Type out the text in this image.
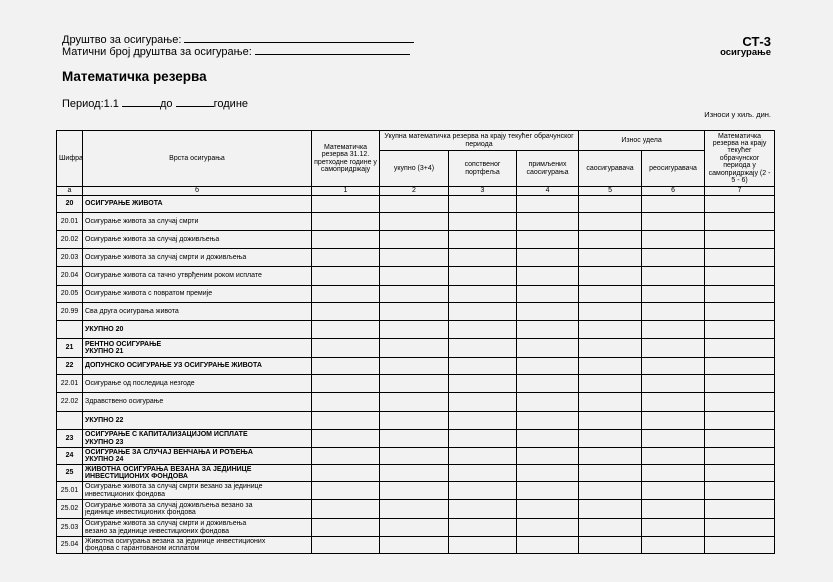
Друштво за осигурање:
Матични број друштва за осигурање:
СТ-3
осигурање
Математичка резерва
Период:1.1	до	године
Износи у хиљ. дин.
Шифра	Врста осигурања	Математичка резерва 31.12. претходне године у самопридржају	Укупна математичка резерва на крају текућег обрачунског периода			Износ удела		Математичка резерва на крају текућег обрачунског периода у самопридржају (2 - 5 - 6)
			укупно (3+4)	сопственог портфеља	примљених саосигурања	саосигуравача	реосигуравача	
а	б	1	2	3	4	5	6	7
20	ОСИГУРАЊЕ ЖИВОТА							

20.01	Осигурање живота за случај смрти							

20.02	Осигурање живота за случај доживљења							

20.03	Осигурање живота за случај смрти и доживљења							

20.04	Осигурање живота са тачно утврђеним роком исплате							

20.05	Осигурање живота с повратом премије							

20.99	Сва друга осигурања живота							

	УКУПНО 20							

21	РЕНТНО ОСИГУРАЊЕ
УКУПНО 21							

22	ДОПУНСКО ОСИГУРАЊЕ УЗ ОСИГУРАЊЕ ЖИВОТА							

22.01	Осигурање од последица незгоде							

22.02	Здравствено осигурање							

	УКУПНО 22							

23	ОСИГУРАЊЕ С КАПИТАЛИЗАЦИЈОМ ИСПЛАТЕ
УКУПНО 23							

24	ОСИГУРАЊЕ ЗА СЛУЧАЈ ВЕНЧАЊА И РОЂЕЊА
УКУПНО 24							

25	ЖИВОТНА ОСИГУРАЊА ВЕЗАНА ЗА ЈЕДИНИЦЕ
ИНВЕСТИЦИОНИХ ФОНДОВА							

25.01	Осигурање живота за случај смрти везано за јединице
инвестиционих фондова							

25.02	Осигурање живота за случај доживљења везано за
јединице инвестиционих фондова							

25.03	Осигурање живота за случај смрти и доживљења
везано за јединице инвестиционих фондова							

25.04	Животна осигурања везана за јединице инвестиционих
фондова с гарантованом исплатом							
